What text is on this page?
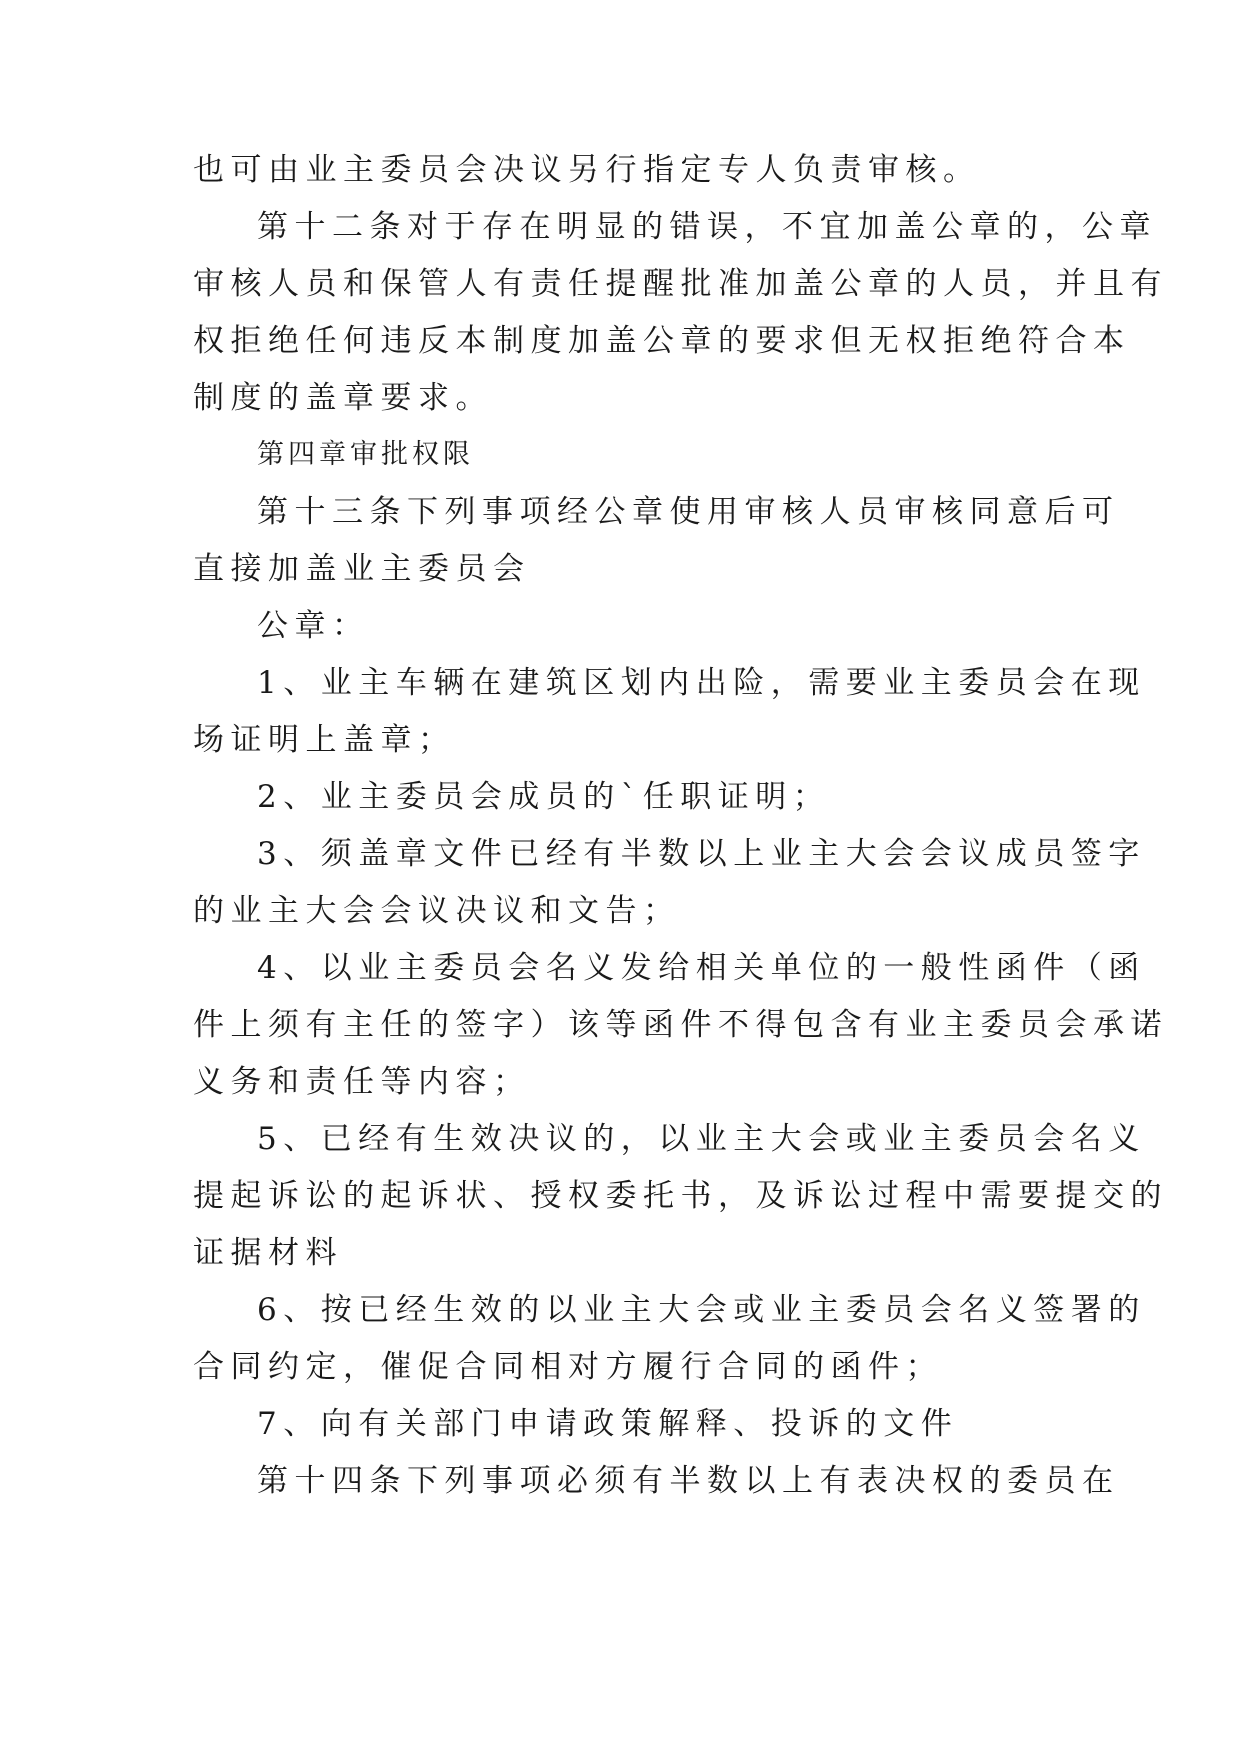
也可由业主委员会决议另行指定专人负责审核。
第十二条对于存在明显的错误，不宜加盖公章的，公章
审核人员和保管人有责任提醒批准加盖公章的人员，并且有
权拒绝任何违反本制度加盖公章的要求但无权拒绝符合本
制度的盖章要求。
第四章审批权限
第十三条下列事项经公章使用审核人员审核同意后可
直接加盖业主委员会
公章：
1、业主车辆在建筑区划内出险，需要业主委员会在现
场证明上盖章；
2、业主委员会成员的`任职证明；
3、须盖章文件已经有半数以上业主大会会议成员签字
的业主大会会议决议和文告；
4、以业主委员会名义发给相关单位的一般性函件（函
件上须有主任的签字）该等函件不得包含有业主委员会承诺
义务和责任等内容；
5、已经有生效决议的，以业主大会或业主委员会名义
提起诉讼的起诉状、授权委托书，及诉讼过程中需要提交的
证据材料
6、按已经生效的以业主大会或业主委员会名义签署的
合同约定，催促合同相对方履行合同的函件；
7、向有关部门申请政策解释、投诉的文件
第十四条下列事项必须有半数以上有表决权的委员在
